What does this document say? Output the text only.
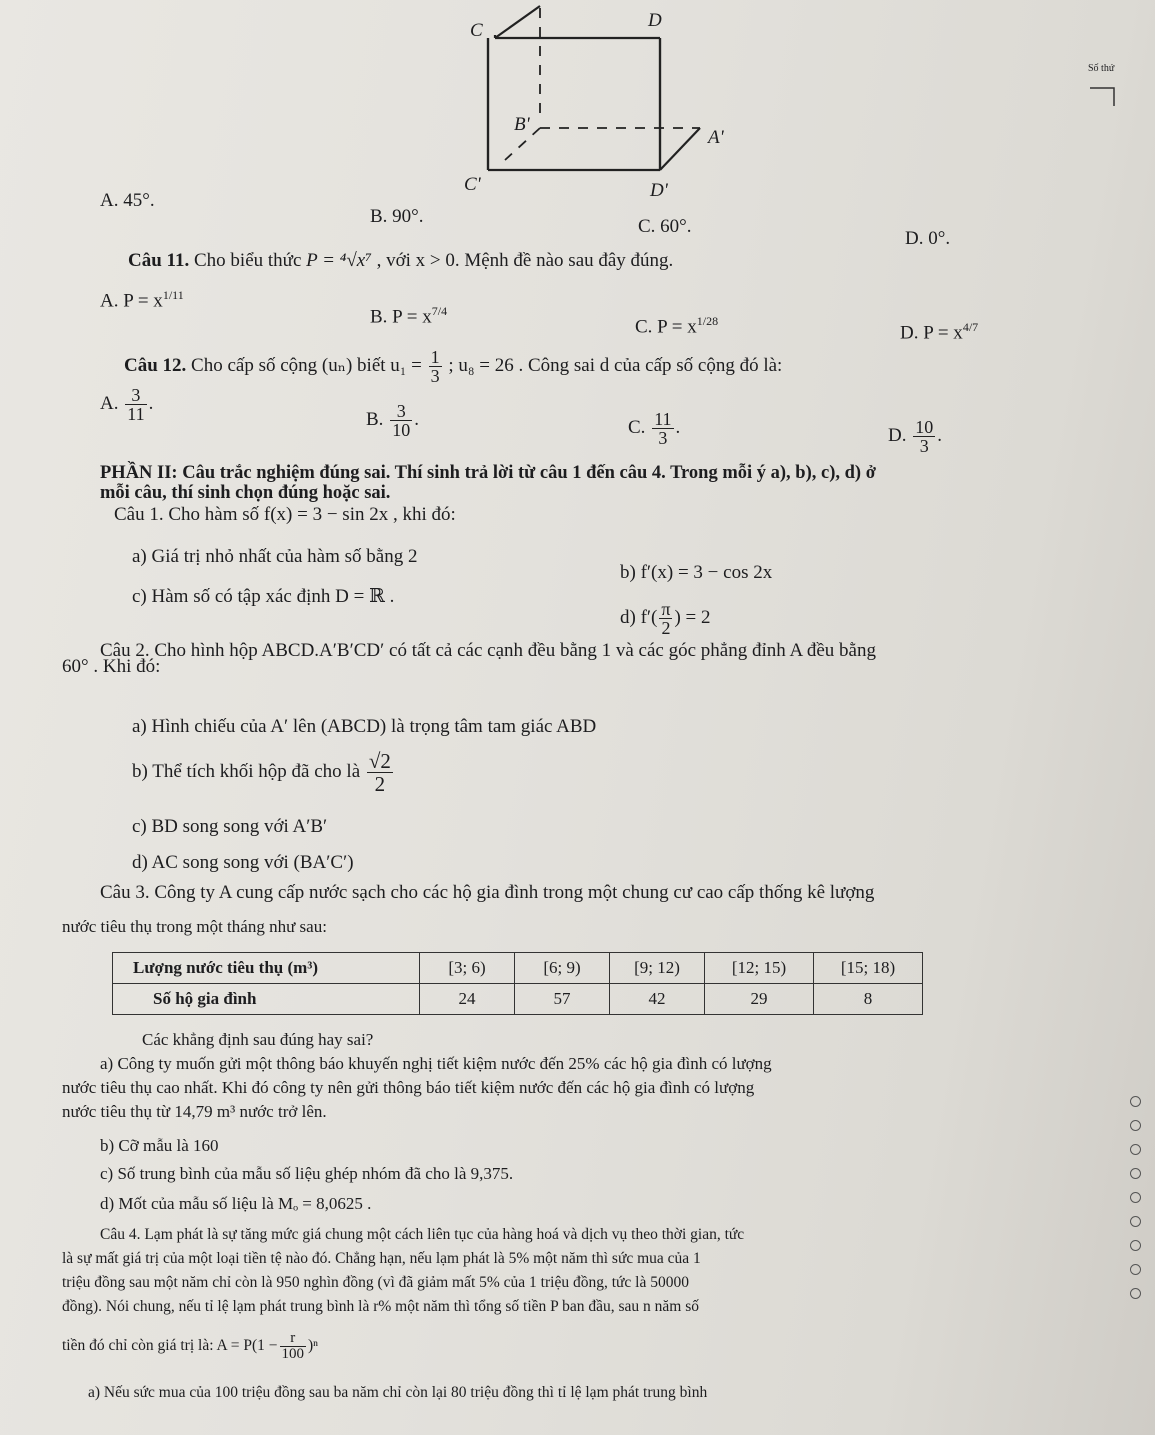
C	D
B'
A'
C'	D'
Số thứ
A. 45°.
B. 90°.	C. 60°.
D. 0°.
Câu 11. Cho biểu thức P = ⁴√x⁷ , với x > 0. Mệnh đề nào sau đây đúng.
A. $P = x^{1/11}$
B. $P = x^{7/4}$
C. $P = x^{1/28}$
D. $P = x^{4/7}$
Câu 12. Cho cấp số cộng (uₙ) biết $u_1 = \frac{1}{3}$ ; u₈ = 26 . Công sai d của cấp số cộng đó là:
A. $\frac{3}{11}$ .
B. $\frac{3}{10}$ .	C. $\frac{11}{3}$ .	D. $\frac{10}{3}$ .
PHẦN II: Câu trắc nghiệm đúng sai. Thí sinh trả lời từ câu 1 đến câu 4. Trong mỗi ý a), b), c), d) ở
mỗi câu, thí sinh chọn đúng hoặc sai.
Câu 1. Cho hàm số f(x) = 3 − sin 2x , khi đó:
a) Giá trị nhỏ nhất của hàm số bằng 2
b) f′(x) = 3 − cos 2x
c) Hàm số có tập xác định D = ℝ .
d) $f'( \frac{\pi}{2}$ ) = 2
Câu 2. Cho hình hộp ABCD.A′B′CD′ có tất cả các cạnh đều bằng 1 và các góc phẳng đỉnh A đều bằng
60° . Khi đó:
a) Hình chiếu của A′ lên (ABCD) là trọng tâm tam giác ABD
b) Thể tích khối hộp đã cho là $\frac{√2}{2}$
c) BD song song với A′B′
d) AC song song với (BA′C′)
Câu 3. Công ty A cung cấp nước sạch cho các hộ gia đình trong một chung cư cao cấp thống kê lượng
nước tiêu thụ trong một tháng như sau:
Lượng nước tiêu thụ (m³)	[3; 6)	[6; 9)	[9; 12)	[12; 15)	[15; 18)
Số hộ gia đình	24	57	42	29	8
Các khẳng định sau đúng hay sai?
a) Công ty muốn gửi một thông báo khuyến nghị tiết kiệm nước đến 25% các hộ gia đình có lượng
nước tiêu thụ cao nhất. Khi đó công ty nên gửi thông báo tiết kiệm nước đến các hộ gia đình có lượng
nước tiêu thụ từ 14,79 m³ nước trở lên.
b) Cỡ mẫu là 160
c) Số trung bình của mẫu số liệu ghép nhóm đã cho là 9,375.
d) Mốt của mẫu số liệu là Mₒ = 8,0625 .
Câu 4. Lạm phát là sự tăng mức giá chung một cách liên tục của hàng hoá và dịch vụ theo thời gian, tức
là sự mất giá trị của một loại tiền tệ nào đó. Chẳng hạn, nếu lạm phát là 5% một năm thì sức mua của 1
triệu đồng sau một năm chỉ còn là 950 nghìn đồng (vì đã giảm mất 5% của 1 triệu đồng, tức là 50000
đồng). Nói chung, nếu tỉ lệ lạm phát trung bình là r% một năm thì tổng số tiền P ban đầu, sau n năm số
tiền đó chỉ còn giá trị là: $A = P(1 - \frac{r}{100} )^n$
a) Nếu sức mua của 100 triệu đồng sau ba năm chỉ còn lại 80 triệu đồng thì tỉ lệ lạm phát trung bình
